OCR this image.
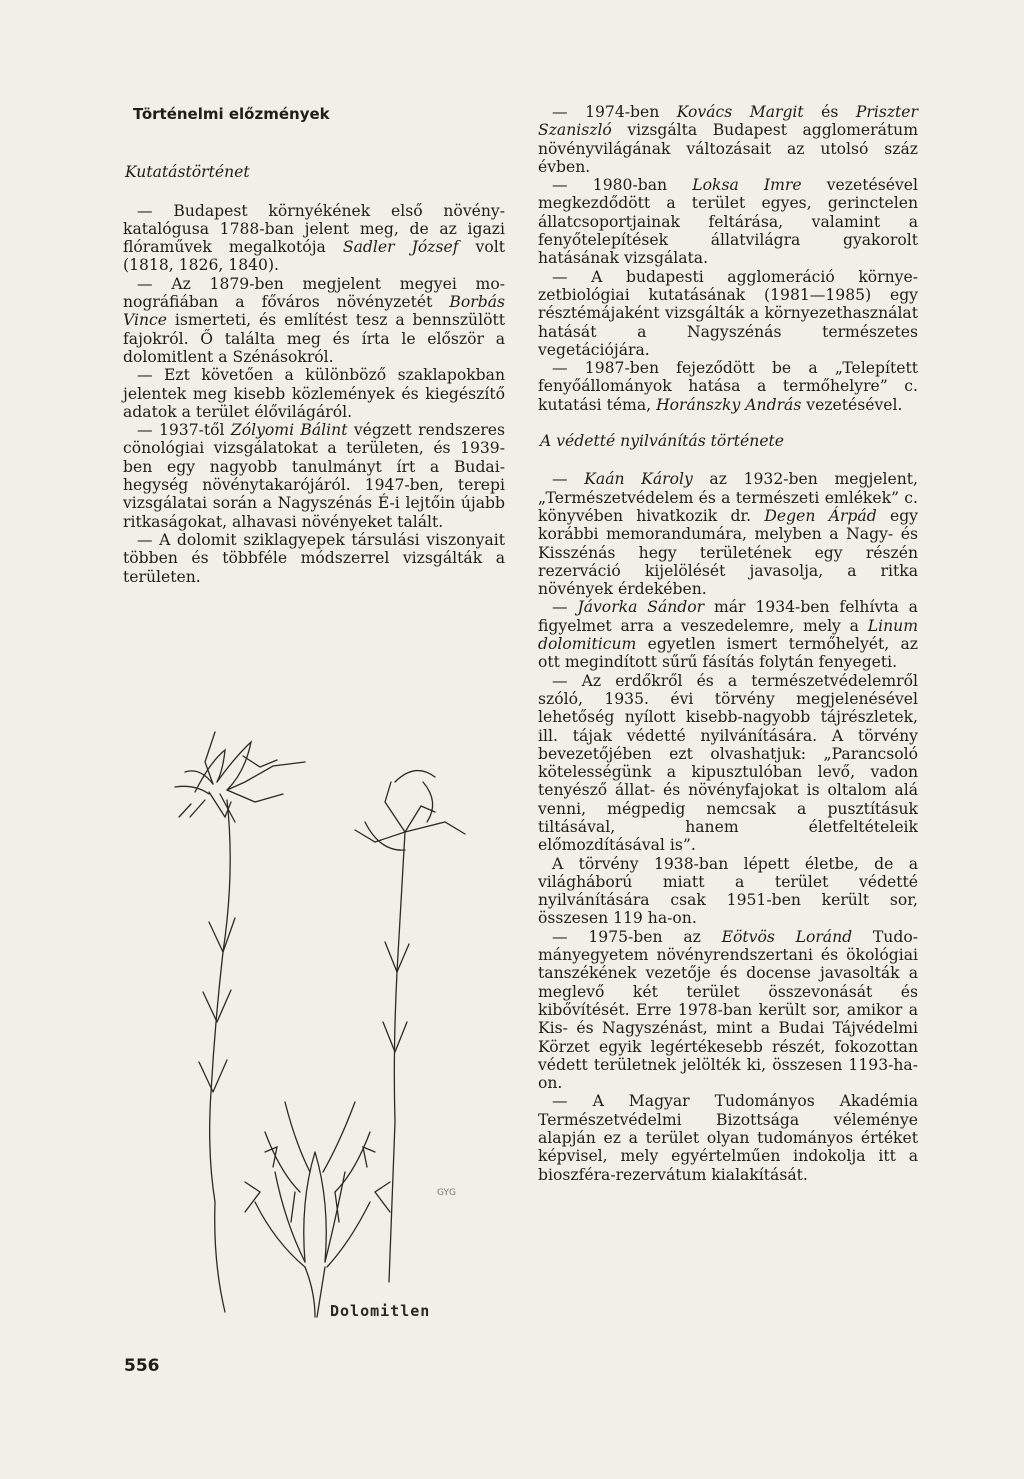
Történelmi előzmények
Kutatástörténet

— Budapest környékének első növénykatalógusa 1788-ban jelent meg, de az igazi flóraművek megalkotója Sadler József volt (1818, 1826, 1840).

— Az 1879-ben megjelent megyei monográfiában a főváros növényzetét Borbás Vince ismerteti, és említést tesz a bennszülött fajokról. Ő találta meg és írta le először a dolomitlent a Szénásokról.

— Ezt követően a különböző szaklapokban jelentek meg kisebb közlemények és kiegészítő adatok a terület élővilágáról.

— 1937-től Zólyomi Bálint végzett rendszeres cönológiai vizsgálatokat a területen, és 1939-ben egy nagyobb tanulmányt írt a Budai-hegység növénytakarójáról. 1947-ben, terepi vizsgálatai során a Nagyszénás É-i lejtőin újabb ritkaságokat, alhavasi növényeket talált.

— A dolomit sziklagyepek társulási viszonyait többen és többféle módszerrel vizsgálták a területen.

— 1974-ben Kovács Margit és Priszter Szaniszló vizsgálta Budapest agglomerátum növényvilágának változásait az utolsó száz évben.

— 1980-ban Loksa Imre vezetésével megkezdődött a terület egyes, gerinctelen állatcsoportjainak feltárása, valamint a fenyőtelepítések állatvilágra gyakorolt hatásának vizsgálata.

— A budapesti agglomeráció környezetbiológiai kutatásának (1981—1985) egy résztémájaként vizsgálták a környezethasználat hatását a Nagyszénás természetes vegetációjára.

— 1987-ben fejeződött be a „Telepített fenyőállományok hatása a termőhelyre” c. kutatási téma, Horánszky András vezetésével.

A védetté nyilvánítás története

— Kaán Károly az 1932-ben megjelent, „Természetvédelem és a természeti emlékek” c. könyvében hivatkozik dr. Degen Árpád egy korábbi memorandumára, melyben a Nagy- és Kisszénás hegy területének egy részén rezerváció kijelölését javasolja, a ritka növények érdekében.

— Jávorka Sándor már 1934-ben felhívta a figyelmet arra a veszedelemre, mely a Linum dolomiticum egyetlen ismert termőhelyét, az ott megindított sűrű fásítás folytán fenyegeti.

— Az erdőkről és a természetvédelemről szóló, 1935. évi törvény megjelenésével lehetőség nyílott kisebb-nagyobb tájrészletek, ill. tájak védetté nyilvánítására. A törvény bevezetőjében ezt olvashatjuk: „Parancsoló kötelességünk a kipusztulóban levő, vadon tenyésző állat- és növényfajokat is oltalom alá venni, mégpedig nemcsak a pusztításuk tiltásával, hanem életfeltételeik előmozdításával is”.

A törvény 1938-ban lépett életbe, de a világháború miatt a terület védetté nyilvánítására csak 1951-ben került sor, összesen 119 ha-on.

— 1975-ben az Eötvös Loránd Tudományegyetem növényrendszertani és ökológiai tanszékének vezetője és docense javasolták a meglevő két terület összevonását és kibővítését. Erre 1978-ban került sor, amikor a Kis- és Nagyszénást, mint a Budai Tájvédelmi Körzet egyik legértékesebb részét, fokozottan védett területnek jelölték ki, összesen 1193-ha-on.

— A Magyar Tudományos Akadémia Természetvédelmi Bizottsága véleménye alapján ez a terület olyan tudományos értéket képvisel, mely egyértelműen indokolja itt a bioszféra-rezervátum kialakítását.

GYG
Dolomitlen
556
